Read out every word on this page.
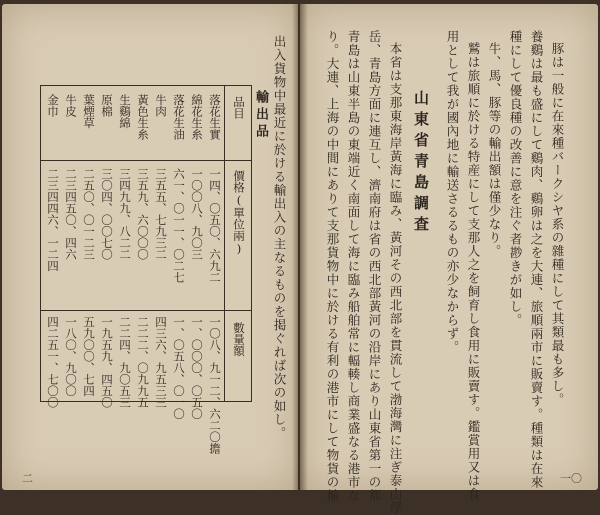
豚は一般に在來種バークシヤ系の雜種にして其類最も多し。
養鷄は最も盛にして鷄肉、鷄卵は之を大連、旅順兩市に販賣す。種類は在來
種にして優良種の改善に意を注ぐ者尠きが如し。
牛、馬、豚等の輸出額は僅少なり。
鷲は旅順に於ける特産にして支那人之を飼育し食用に販賣す。鑑賞用又は食
用として我が國內地に輸送さるるもの亦少なからず。
山東省青島調査
本省は支那東海岸黃海に臨み、黃河その西北部を貫流して渤海灣に注ぎ泰山浮
岳、青島方面に連互し、濟南府は省の西北部黃河の沿岸にあり山東省第一の都
青島は山東半島の東端近く南面して海に臨み船舶常に輻輳し商業盛なる港市な
り。大連、上海の中間にありて支那貨物中に於ける有利の港市にして物貨の輸	一〇
出入貨物中最近に於ける輸出入の主なるものを掲ぐれば次の如し。
輸出品
品目
價格(單位兩)
數量額
落花生實
一四、〇五〇、六九二
一〇八、九一二、六二〇擔
綿花生糸
一〇〇八、九〇三
一、〇〇〇、〇五〇
落花生油
六一、〇一一、〇二七
一、〇五八、〇一〇
牛肉
三五五、七九三二
四三六、九五三三
黃色生糸
三五九、六〇〇〇
二二二、〇九九五
生鷄綿
三四九九、八二二
二二四、九〇五三
原棉
三〇四、〇〇七〇
一九五九、四五〇
葉煙草
二五〇、〇一二三
五九〇〇、七四
牛皮
二三四五〇、四六
一八〇、九〇〇
金巾
二三四四六、一二四
四二五一、七〇〇
二
